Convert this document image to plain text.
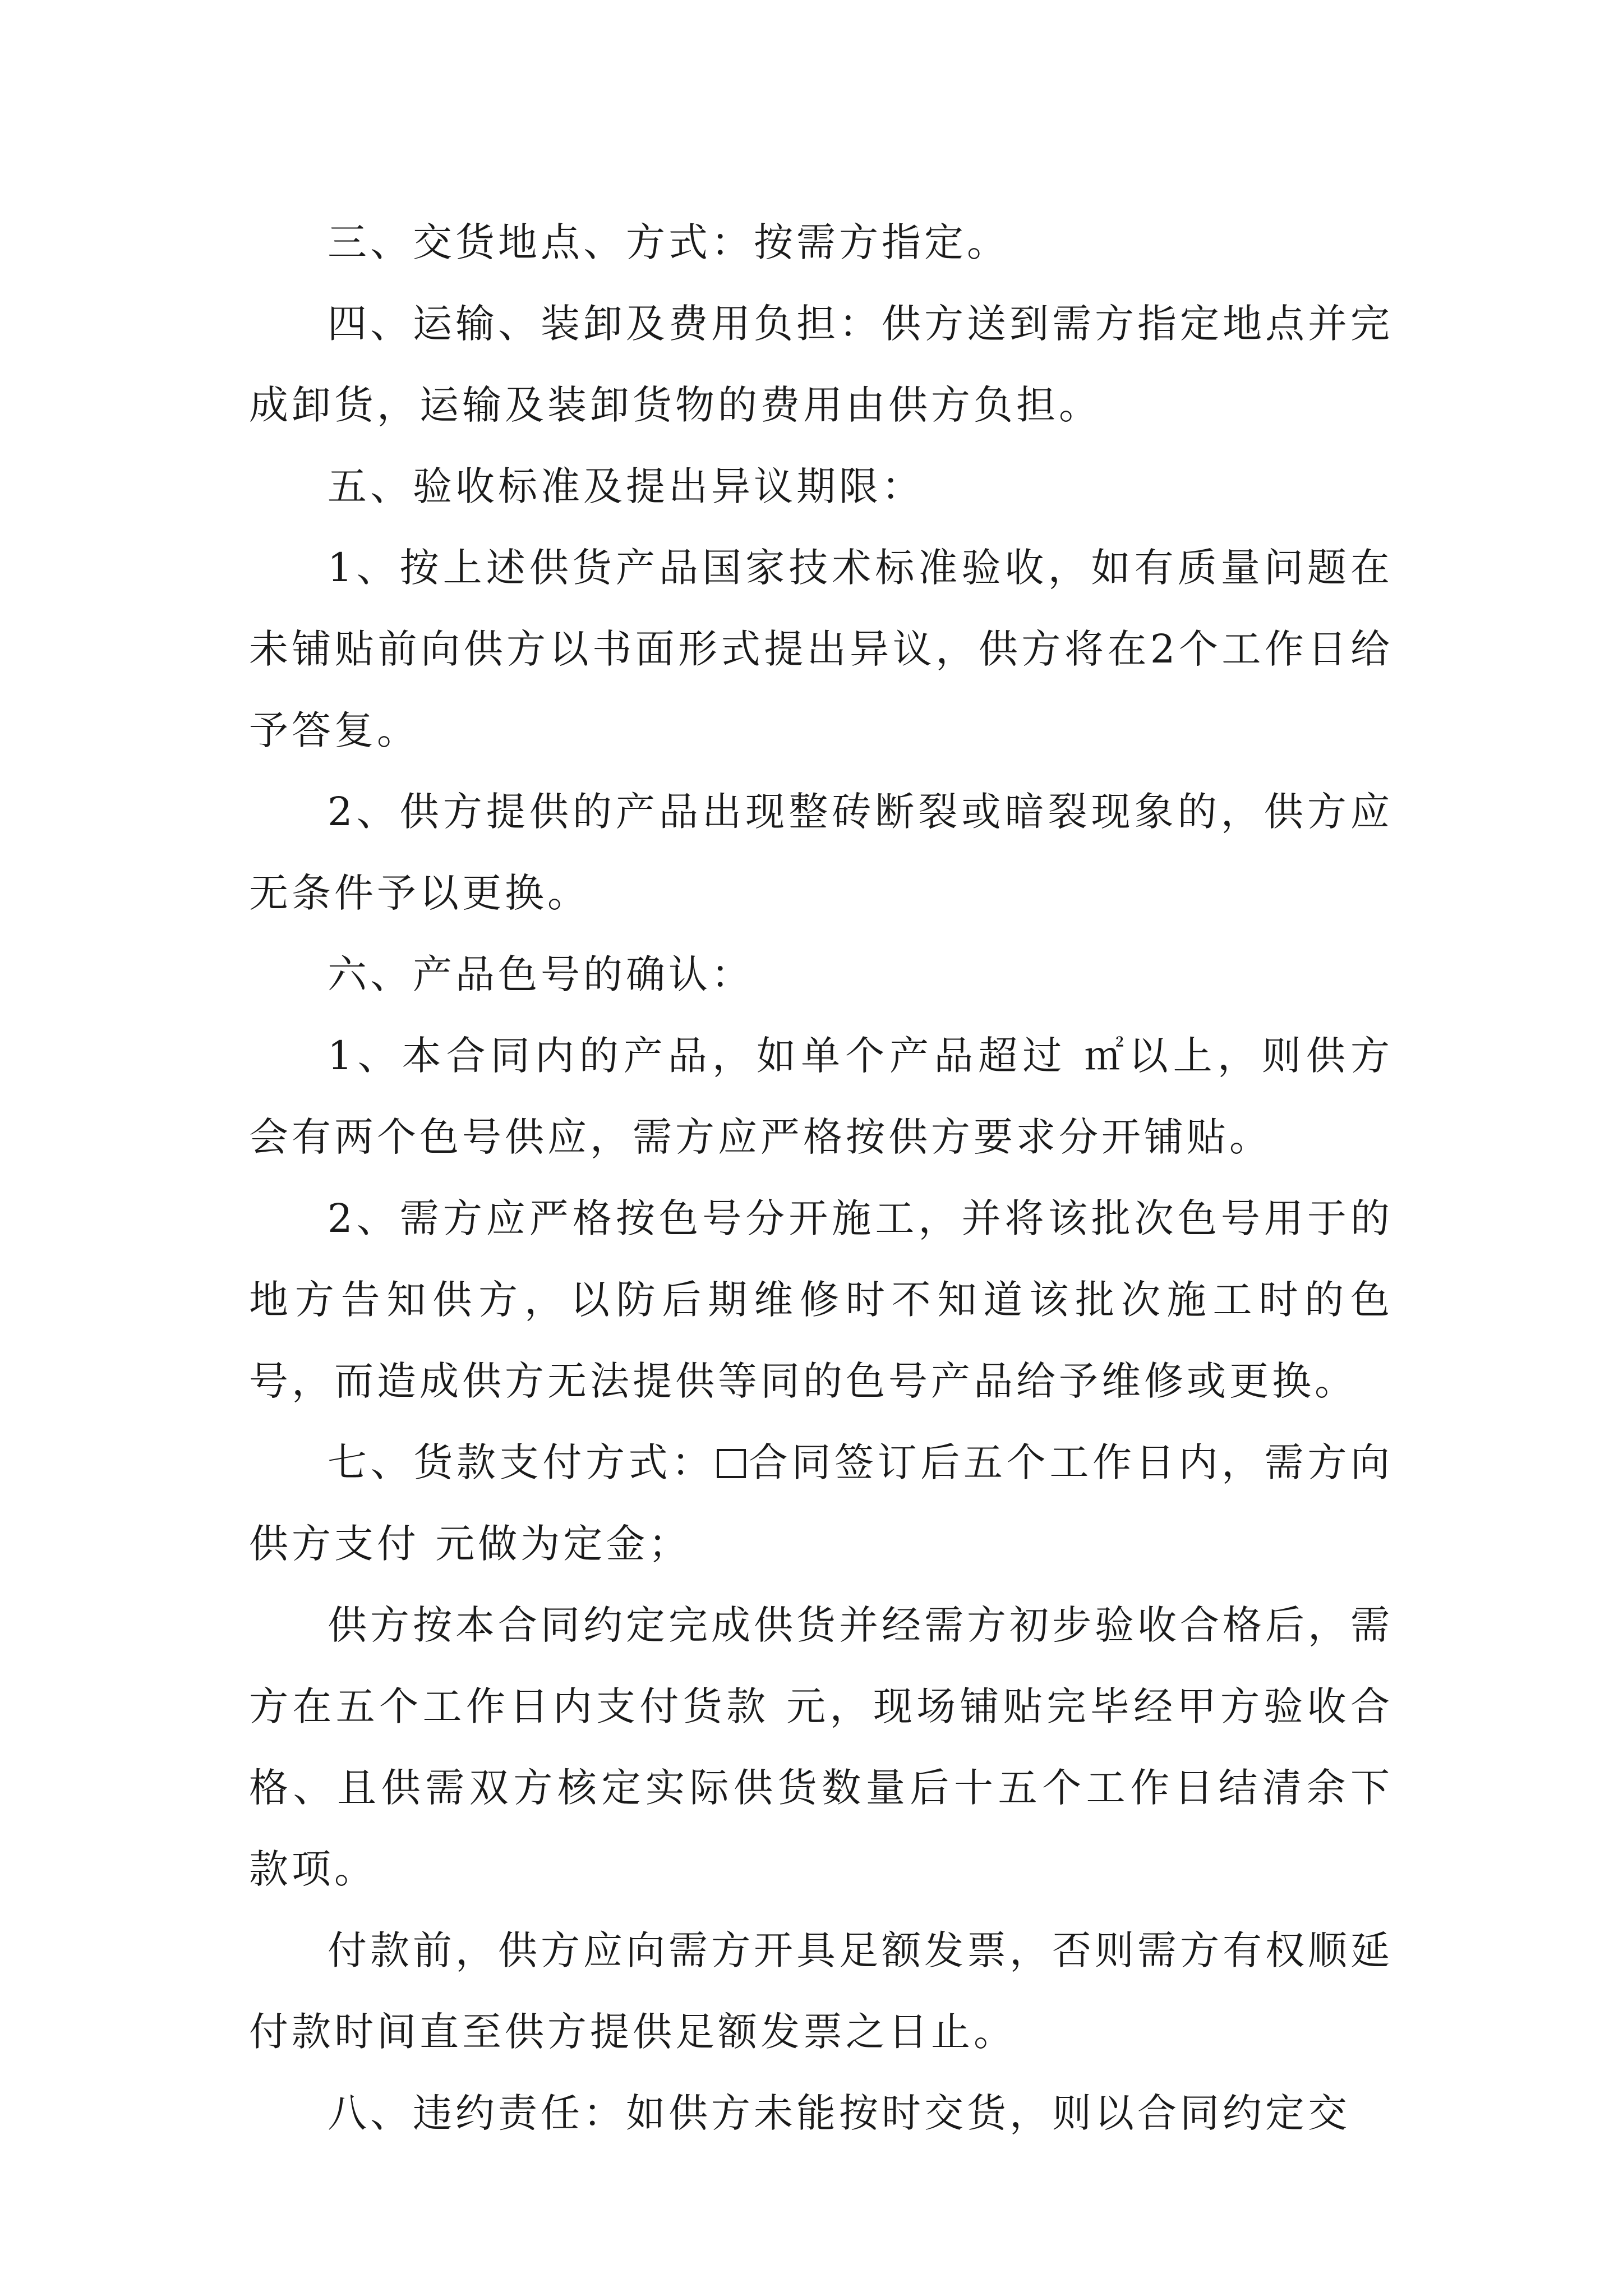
三、交货地点、方式：按需方指定。

四、运输、装卸及费用负担：供方送到需方指定地点并完成卸货，运输及装卸货物的费用由供方负担。

五、验收标准及提出异议期限：

1、按上述供货产品国家技术标准验收，如有质量问题在未铺贴前向供方以书面形式提出异议，供方将在2个工作日给予答复。

2、供方提供的产品出现整砖断裂或暗裂现象的，供方应无条件予以更换。

六、产品色号的确认：

1、本合同内的产品，如单个产品超过 ㎡以上，则供方会有两个色号供应，需方应严格按供方要求分开铺贴。

2、需方应严格按色号分开施工，并将该批次色号用于的地方告知供方，以防后期维修时不知道该批次施工时的色号，而造成供方无法提供等同的色号产品给予维修或更换。

七、货款支付方式： 合同签订后五个工作日内，需方向供方支付 元做为定金；

供方按本合同约定完成供货并经需方初步验收合格后，需方在五个工作日内支付货款 元，现场铺贴完毕经甲方验收合格、且供需双方核定实际供货数量后十五个工作日结清余下款项。

付款前，供方应向需方开具足额发票，否则需方有权顺延付款时间直至供方提供足额发票之日止。

八、违约责任：如供方未能按时交货，则以合同约定交
